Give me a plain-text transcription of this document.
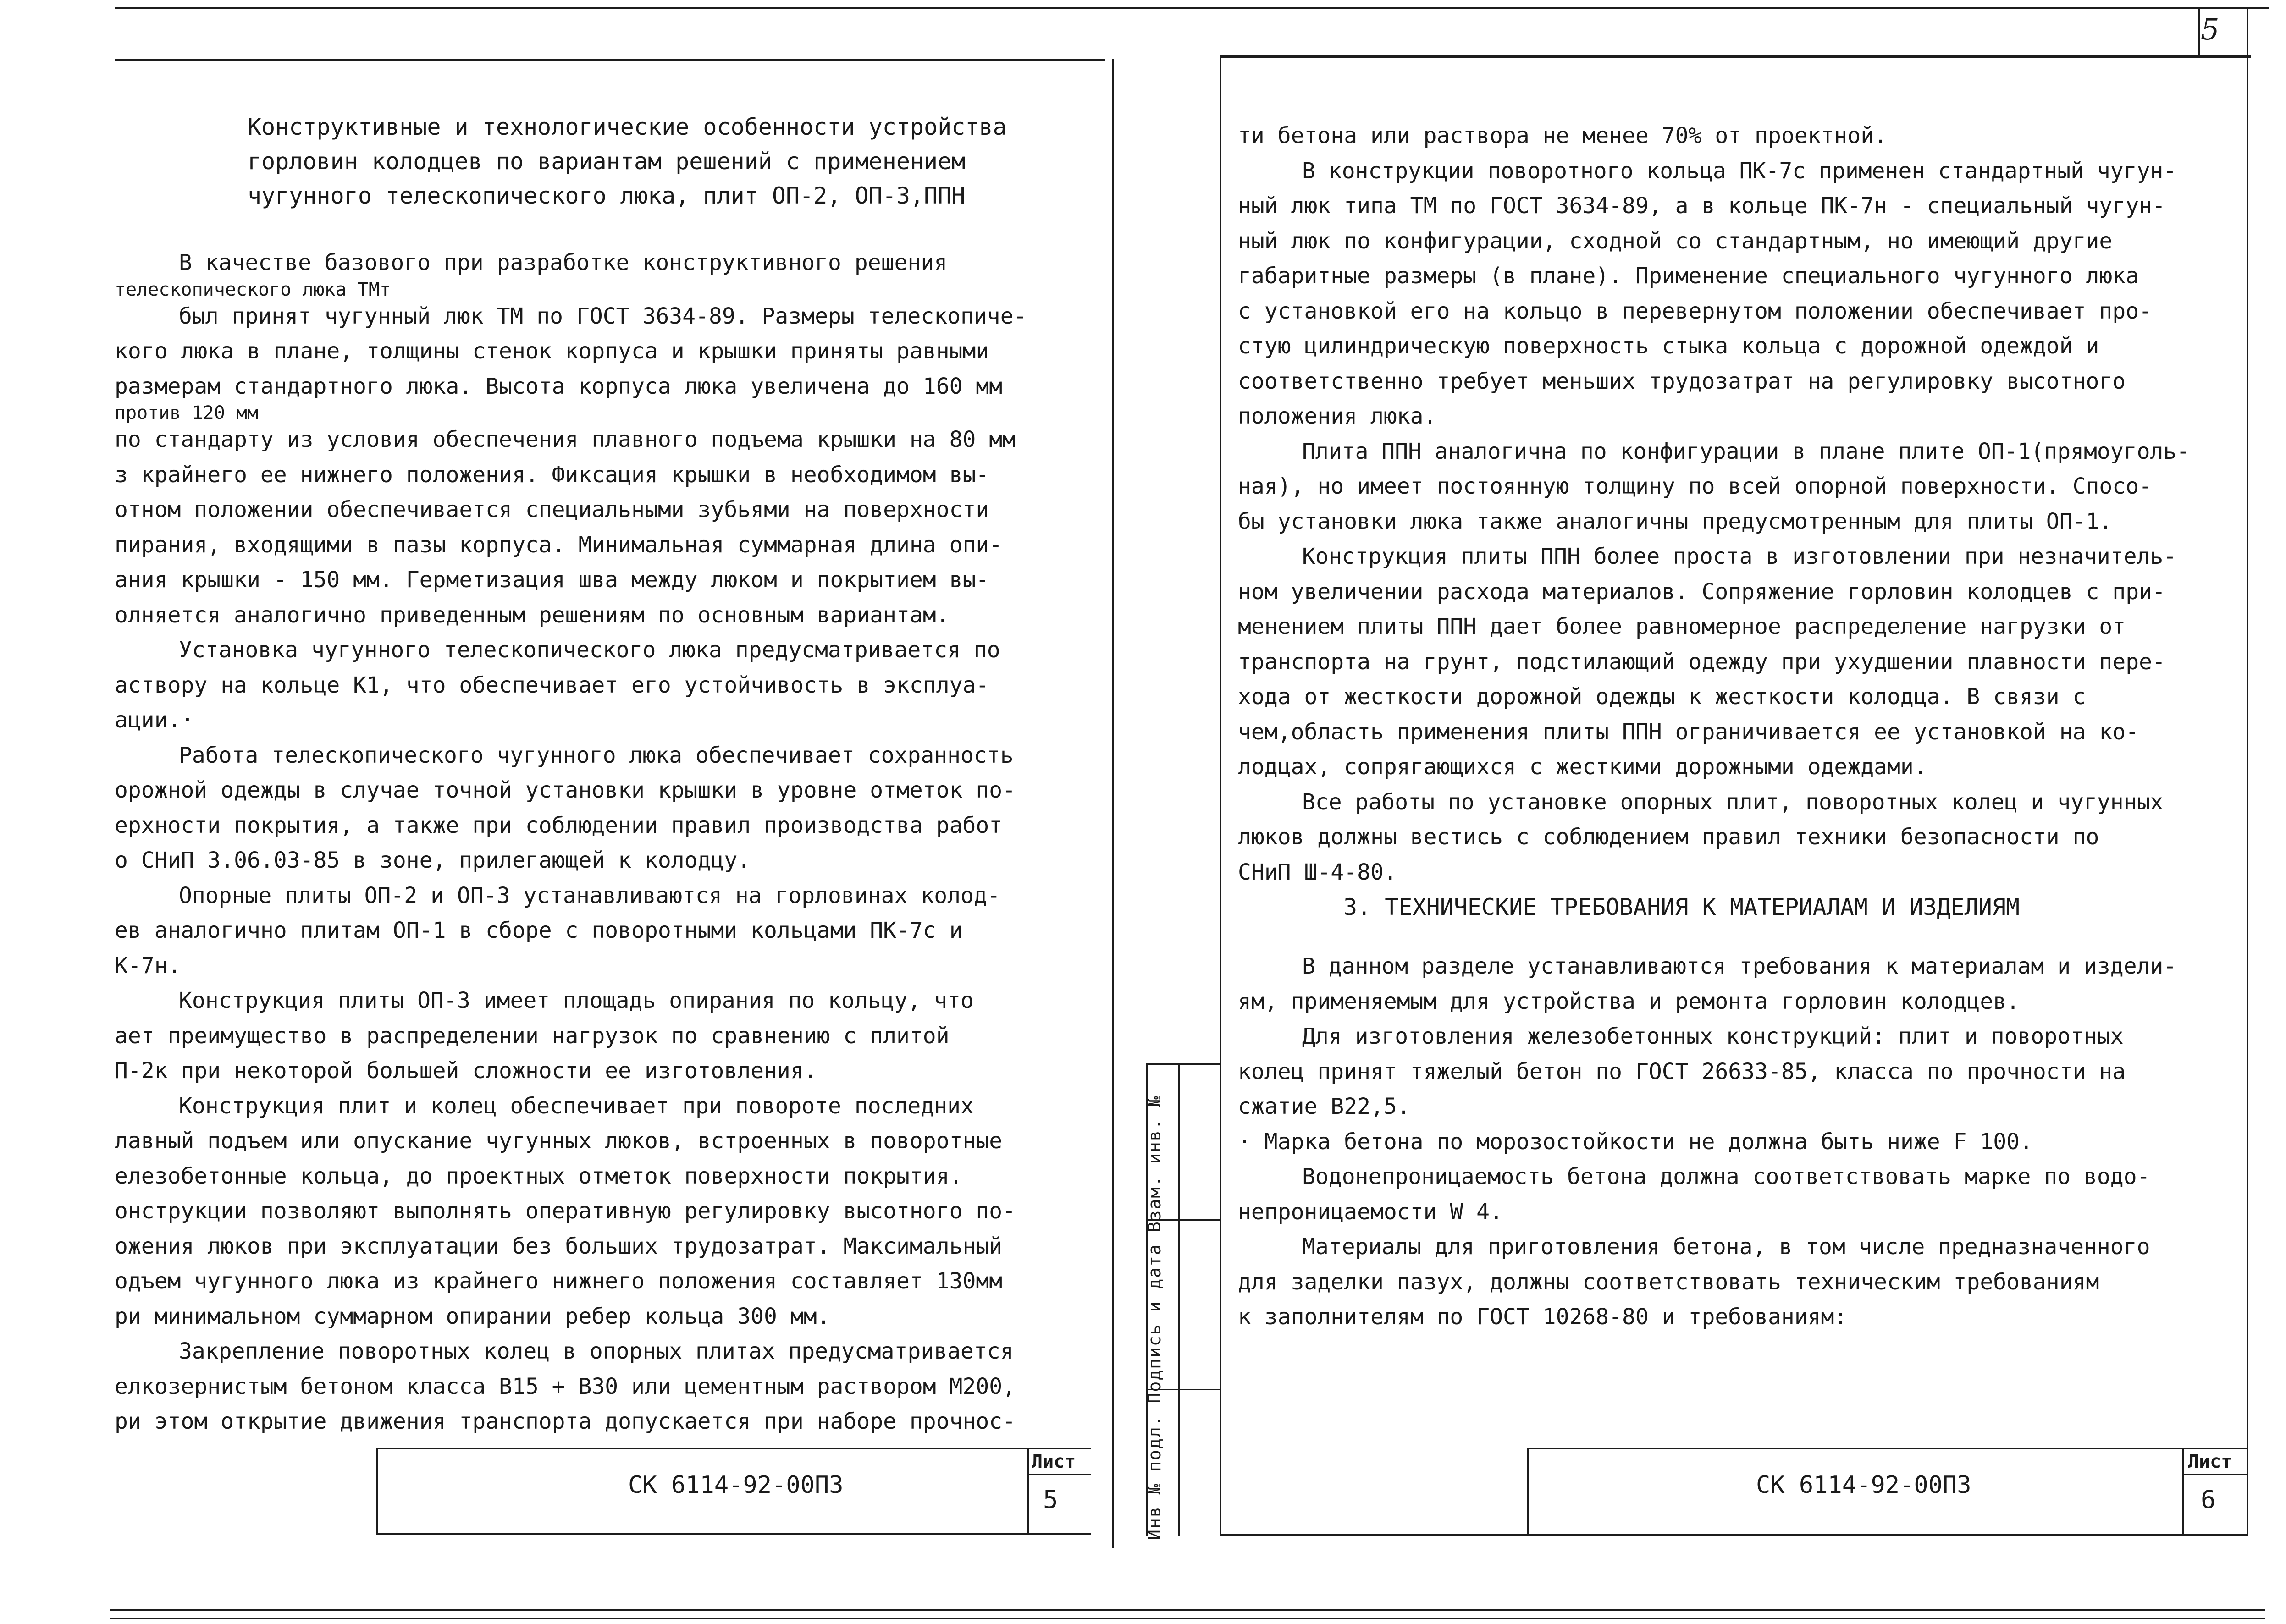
5
Конструктивные и технологические особенности устройства
горловин колодцев по вариантам решений с применением
чугунного телескопического люка, плит ОП-2, ОП-3,ППН
В качестве базового при разработке конструктивного решения
телескопического люка ТМт
был принят чугунный люк ТМ по ГОСТ 3634-89. Размеры телескопиче-
кого люка в плане, толщины стенок корпуса и крышки приняты равными
размерам стандартного люка. Высота корпуса люка увеличена до 160 мм
против 120 мм
по стандарту из условия обеспечения плавного подъема крышки на 80 мм
з крайнего ее нижнего положения. Фиксация крышки в необходимом вы-
отном положении обеспечивается специальными зубьями на поверхности
пирания, входящими в пазы корпуса. Минимальная суммарная длина опи-
ания крышки - 150 мм. Герметизация шва между люком и покрытием вы-
олняется аналогично приведенным решениям по основным вариантам.
Установка чугунного телескопического люка предусматривается по
аствору на кольце К1, что обеспечивает его устойчивость в эксплуа-
ации.·
Работа телескопического чугунного люка обеспечивает сохранность
орожной одежды в случае точной установки крышки в уровне отметок по-
ерхности покрытия, а также при соблюдении правил производства работ
о СНиП 3.06.03-85 в зоне, прилегающей к колодцу.
Опорные плиты ОП-2 и ОП-3 устанавливаются на горловинах колод-
ев аналогично плитам ОП-1 в сборе с поворотными кольцами ПК-7с и
К-7н.
Конструкция плиты ОП-3 имеет площадь опирания по кольцу, что
ает преимущество в распределении нагрузок по сравнению с плитой
П-2к при некоторой большей сложности ее изготовления.
Конструкция плит и колец обеспечивает при повороте последних
лавный подъем или опускание чугунных люков, встроенных в поворотные
елезобетонные кольца, до проектных отметок поверхности покрытия.
онструкции позволяют выполнять оперативную регулировку высотного по-
ожения люков при эксплуатации без больших трудозатрат. Максимальный
одъем чугунного люка из крайнего нижнего положения составляет 130мм
ри минимальном суммарном опирании ребер кольца 300 мм.
Закрепление поворотных колец в опорных плитах предусматривается
елкозернистым бетоном класса В15 + В30 или цементным раствором М200,
ри этом открытие движения транспорта допускается при наборе прочнос-
СК 6114-92-00ПЗ
Лист
5
ти бетона или раствора не менее 70% от проектной.
В конструкции поворотного кольца ПК-7с применен стандартный чугун-
ный люк типа ТМ по ГОСТ 3634-89, а в кольце ПК-7н - специальный чугун-
ный люк по конфигурации, сходной со стандартным, но имеющий другие
габаритные размеры (в плане). Применение специального чугунного люка
с установкой его на кольцо в перевернутом положении обеспечивает про-
стую цилиндрическую поверхность стыка кольца с дорожной одеждой и
соответственно требует меньших трудозатрат на регулировку высотного
положения люка.
Плита ППН аналогична по конфигурации в плане плите ОП-1(прямоуголь-
ная), но имеет постоянную толщину по всей опорной поверхности. Спосо-
бы установки люка также аналогичны предусмотренным для плиты ОП-1.
Конструкция плиты ППН более проста в изготовлении при незначитель-
ном увеличении расхода материалов. Сопряжение горловин колодцев с при-
менением плиты ППН дает более равномерное распределение нагрузки от
транспорта на грунт, подстилающий одежду при ухудшении плавности пере-
хода от жесткости дорожной одежды к жесткости колодца. В связи с
чем,область применения плиты ППН ограничивается ее установкой на ко-
лодцах, сопрягающихся с жесткими дорожными одеждами.
Все работы по установке опорных плит, поворотных колец и чугунных
люков должны вестись с соблюдением правил техники безопасности по
СНиП Ш-4-80.
3. ТЕХНИЧЕСКИЕ ТРЕБОВАНИЯ К МАТЕРИАЛАМ И ИЗДЕЛИЯМ
В данном разделе устанавливаются требования к материалам и издели-
ям, применяемым для устройства и ремонта горловин колодцев.
Для изготовления железобетонных конструкций: плит и поворотных
колец принят тяжелый бетон по ГОСТ 26633-85, класса по прочности на
сжатие В22,5.
· Марка бетона по морозостойкости не должна быть ниже F 100.
Водонепроницаемость бетона должна соответствовать марке по водо-
непроницаемости W 4.
Материалы для приготовления бетона, в том числе предназначенного
для заделки пазух, должны соответствовать техническим требованиям
к заполнителям по ГОСТ 10268-80 и требованиям:
Инв № подл. Подпись и дата Взам. инв. №	СК 6114-92-00ПЗ
Лист
6
